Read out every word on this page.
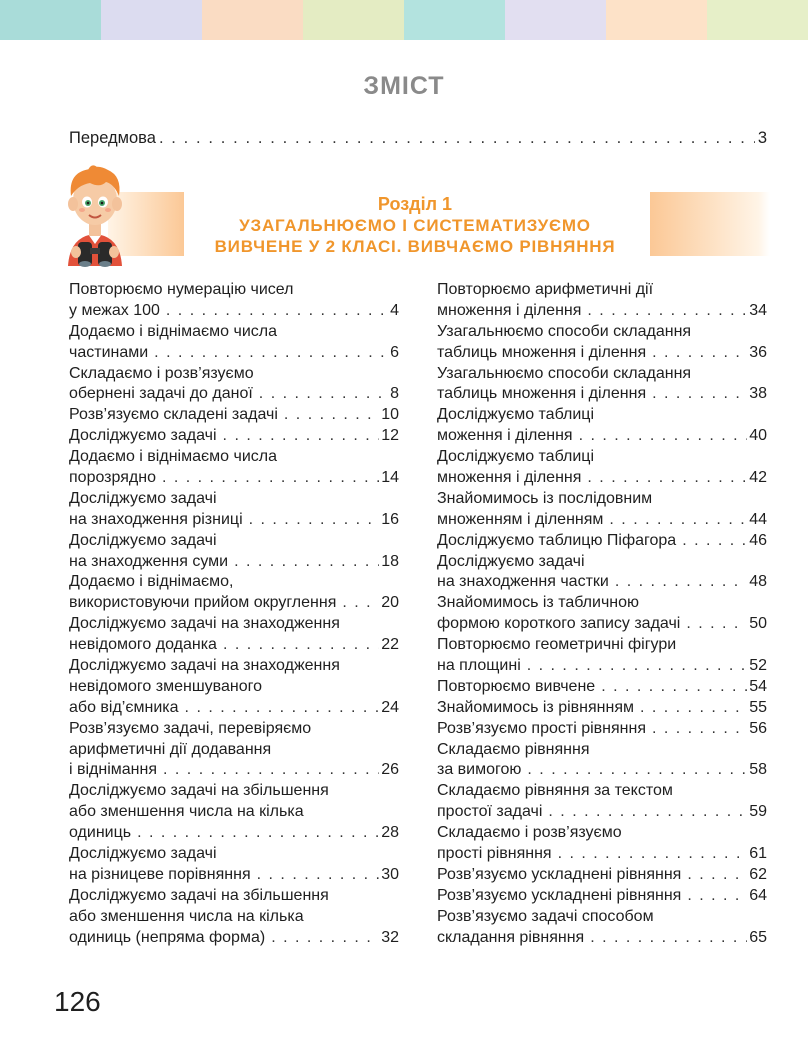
ЗМІСТ
Передмова . . .	3
Розділ 1
УЗАГАЛЬНЮЄМО І СИСТЕМАТИЗУЄМО
ВИВЧЕНЕ У 2 КЛАСІ. ВИВЧАЄМО РІВНЯННЯ
Повторюємо нумерацію чисел
у межах 100 . . .	4
Додаємо і віднімаємо числа
частинами . . .	6
Складаємо і розв’язуємо
обернені задачі до даної . . .	8
Розв’язуємо складені задачі . . .	10
Досліджуємо задачі . . .	12
Додаємо і віднімаємо числа
порозрядно . . .	14
Досліджуємо задачі
на знаходження різниці . . .	16
Досліджуємо задачі
на знаходження суми . . .	18
Додаємо і віднімаємо,
використовуючи прийом округлення . . .	20
Досліджуємо задачі на знаходження
невідомого доданка . . .	22
Досліджуємо задачі на знаходження
невідомого зменшуваного
або від’ємника . . .	24
Розв’язуємо задачі, перевіряємо
арифметичні дії додавання
і віднімання . . .	26
Досліджуємо задачі на збільшення
або зменшення числа на кілька
одиниць . . .	28
Досліджуємо задачі
на різницеве порівняння . . .	30
Досліджуємо задачі на збільшення
або зменшення числа на кілька
одиниць (непряма форма) . . .	32
Повторюємо арифметичні дії
множення і ділення . . .	34
Узагальнюємо способи складання
таблиць множення і ділення . . .	36
Узагальнюємо способи складання
таблиць множення і ділення . . .	38
Досліджуємо таблиці
моження і ділення . . .	40
Досліджуємо таблиці
множення і ділення . . .	42
Знайомимось із послідовним
множенням і діленням . . .	44
Досліджуємо таблицю Піфагора . . .	46
Досліджуємо задачі
на знаходження частки . . .	48
Знайомимось із табличною
формою короткого запису задачі . . .	50
Повторюємо геометричні фігури
на площині . . .	52
Повторюємо вивчене . . .	54
Знайомимось із рівнянням . . .	55
Розв’язуємо прості рівняння . . .	56
Складаємо рівняння
за вимогою . . .	58
Складаємо рівняння за текстом
простої задачі . . .	59
Складаємо і розв’язуємо
прості рівняння . . .	61
Розв’язуємо ускладнені рівняння . . .	62
Розв’язуємо ускладнені рівняння . . .	64
Розв’язуємо задачі способом
складання рівняння . . .	65
126
